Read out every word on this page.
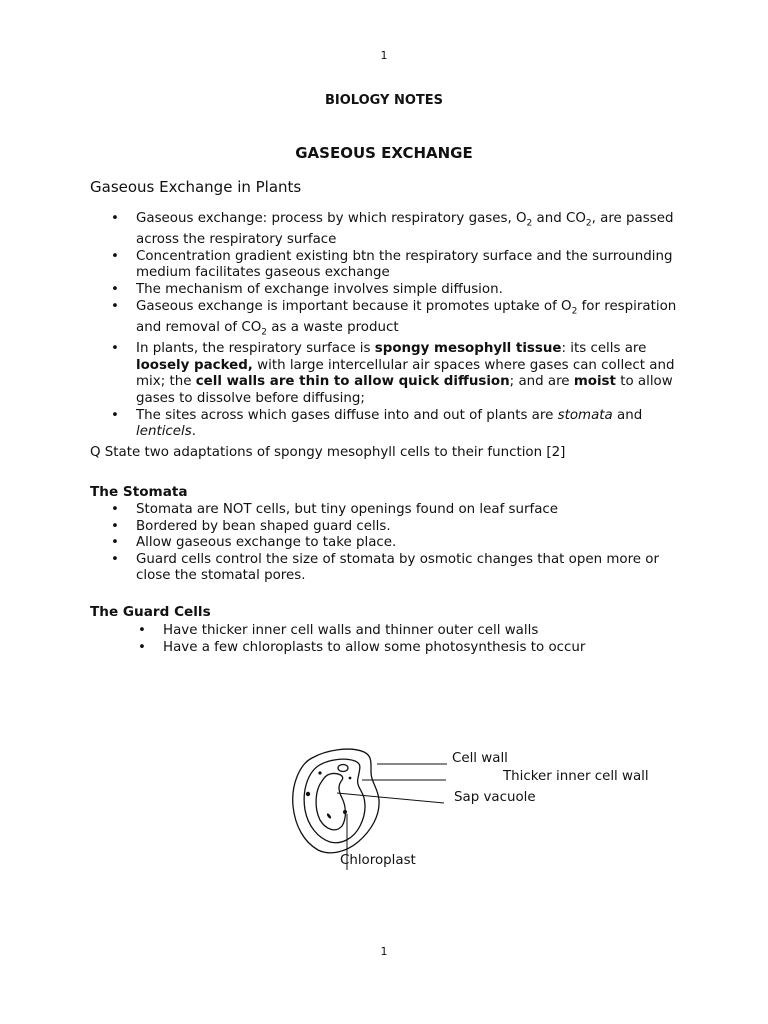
1

BIOLOGY NOTES

GASEOUS EXCHANGE

Gaseous Exchange in Plants

• Gaseous exchange: process by which respiratory gases, $O_2$ and $CO_2$, are passed across the respiratory surface
• Concentration gradient existing btn the respiratory surface and the surrounding medium facilitates gaseous exchange
• The mechanism of exchange involves simple diffusion.
• Gaseous exchange is important because it promotes uptake of $O_2$ for respiration and removal of $CO_2$ as a waste product
• In plants, the respiratory surface is spongy mesophyll tissue: its cells are loosely packed, with large intercellular air spaces where gases can collect and mix; the cell walls are thin to allow quick diffusion; and are moist to allow gases to dissolve before diffusing;
• The sites across which gases diffuse into and out of plants are stomata and lenticels.

Q State two adaptations of spongy mesophyll cells to their function [2]

The Stomata

• Stomata are NOT cells, but tiny openings found on leaf surface
• Bordered by bean shaped guard cells.
• Allow gaseous exchange to take place.
• Guard cells control the size of stomata by osmotic changes that open more or close the stomatal pores.

The Guard Cells

• Have thicker inner cell walls and thinner outer cell walls
• Have a few chloroplasts to allow some photosynthesis to occur

Cell wall

Thicker inner cell wall

Sap vacuole

Chloroplast

1
